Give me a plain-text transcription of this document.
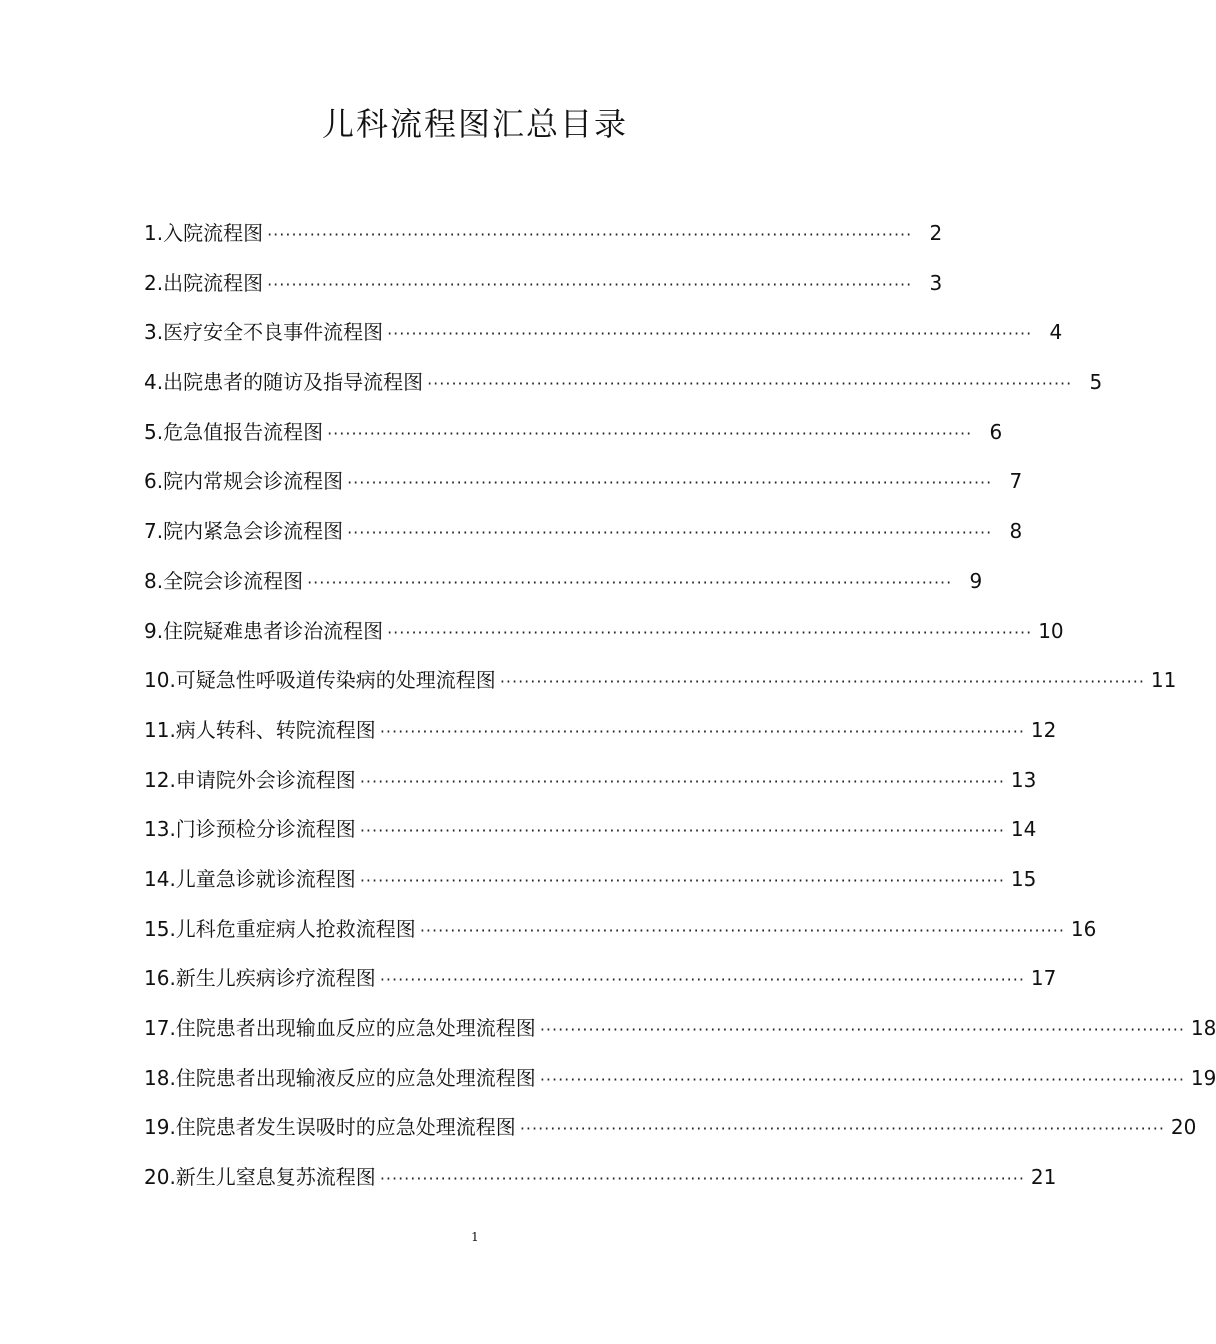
儿科流程图汇总目录
1.入院流程图 ·········································································································· 2
2.出院流程图 ·········································································································· 3
3.医疗安全不良事件流程图 ·········································································································· 4
4.出院患者的随访及指导流程图 ·········································································································· 5
5.危急值报告流程图 ·········································································································· 6
6.院内常规会诊流程图 ·········································································································· 7
7.院内紧急会诊流程图 ·········································································································· 8
8.全院会诊流程图 ·········································································································· 9
9.住院疑难患者诊治流程图 ·········································································································· 10
10.可疑急性呼吸道传染病的处理流程图 ·········································································································· 11
11.病人转科、转院流程图 ·········································································································· 12
12.申请院外会诊流程图 ·········································································································· 13
13.门诊预检分诊流程图 ·········································································································· 14
14.儿童急诊就诊流程图 ·········································································································· 15
15.儿科危重症病人抢救流程图 ·········································································································· 16
16.新生儿疾病诊疗流程图 ·········································································································· 17
17.住院患者出现输血反应的应急处理流程图 ·········································································································· 18
18.住院患者出现输液反应的应急处理流程图 ·········································································································· 19
19.住院患者发生误吸时的应急处理流程图 ·········································································································· 20
20.新生儿窒息复苏流程图 ·········································································································· 21
1
